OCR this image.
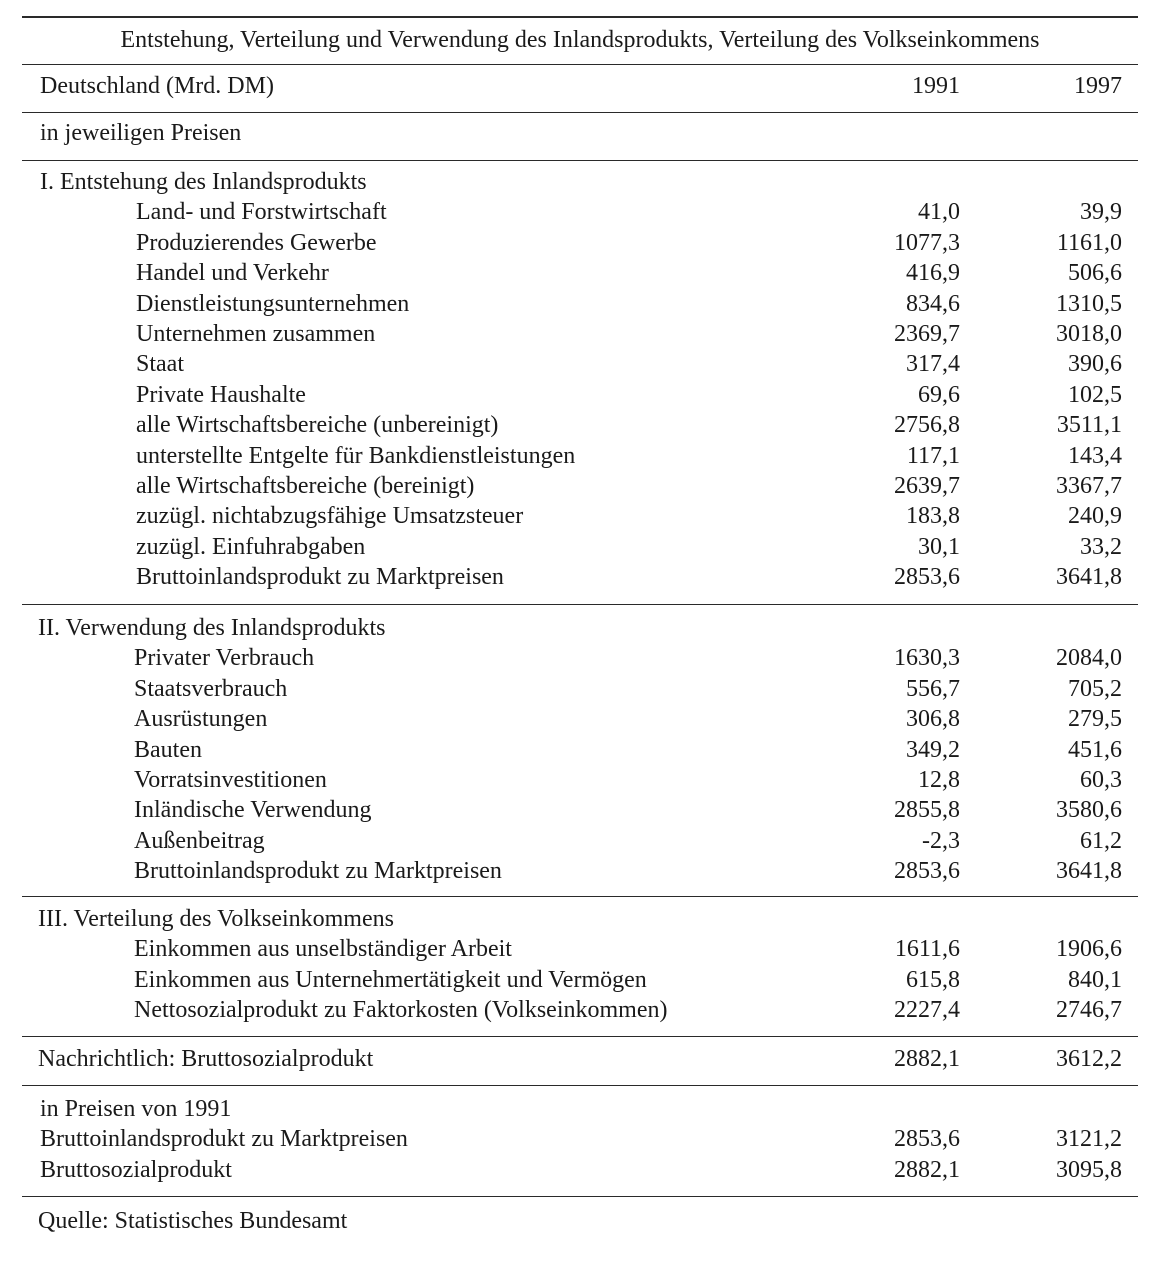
Entstehung, Verteilung und Verwendung des Inlandsprodukts, Verteilung des Volkseinkommens
Deutschland (Mrd. DM)	1991	1997
in jeweiligen Preisen
I. Entstehung des Inlandsprodukts
Land- und Forstwirtschaft	41,0	39,9
Produzierendes Gewerbe	1077,3	1161,0
Handel und Verkehr	416,9	506,6
Dienstleistungsunternehmen	834,6	1310,5
Unternehmen zusammen	2369,7	3018,0
Staat	317,4	390,6
Private Haushalte	69,6	102,5
alle Wirtschaftsbereiche (unbereinigt)	2756,8	3511,1
unterstellte Entgelte für Bankdienstleistungen	117,1	143,4
alle Wirtschaftsbereiche (bereinigt)	2639,7	3367,7
zuzügl. nichtabzugsfähige Umsatzsteuer	183,8	240,9
zuzügl. Einfuhrabgaben	30,1	33,2
Bruttoinlandsprodukt zu Marktpreisen	2853,6	3641,8
II. Verwendung des Inlandsprodukts
Privater Verbrauch	1630,3	2084,0
Staatsverbrauch	556,7	705,2
Ausrüstungen	306,8	279,5
Bauten	349,2	451,6
Vorratsinvestitionen	12,8	60,3
Inländische Verwendung	2855,8	3580,6
Außenbeitrag	-2,3	61,2
Bruttoinlandsprodukt zu Marktpreisen	2853,6	3641,8
III. Verteilung des Volkseinkommens
Einkommen aus unselbständiger Arbeit	1611,6	1906,6
Einkommen aus Unternehmertätigkeit und Vermögen	615,8	840,1
Nettosozialprodukt zu Faktorkosten (Volkseinkommen)	2227,4	2746,7
Nachrichtlich: Bruttosozialprodukt	2882,1	3612,2
in Preisen von 1991
Bruttoinlandsprodukt zu Marktpreisen	2853,6	3121,2
Bruttosozialprodukt	2882,1	3095,8
Quelle: Statistisches Bundesamt
